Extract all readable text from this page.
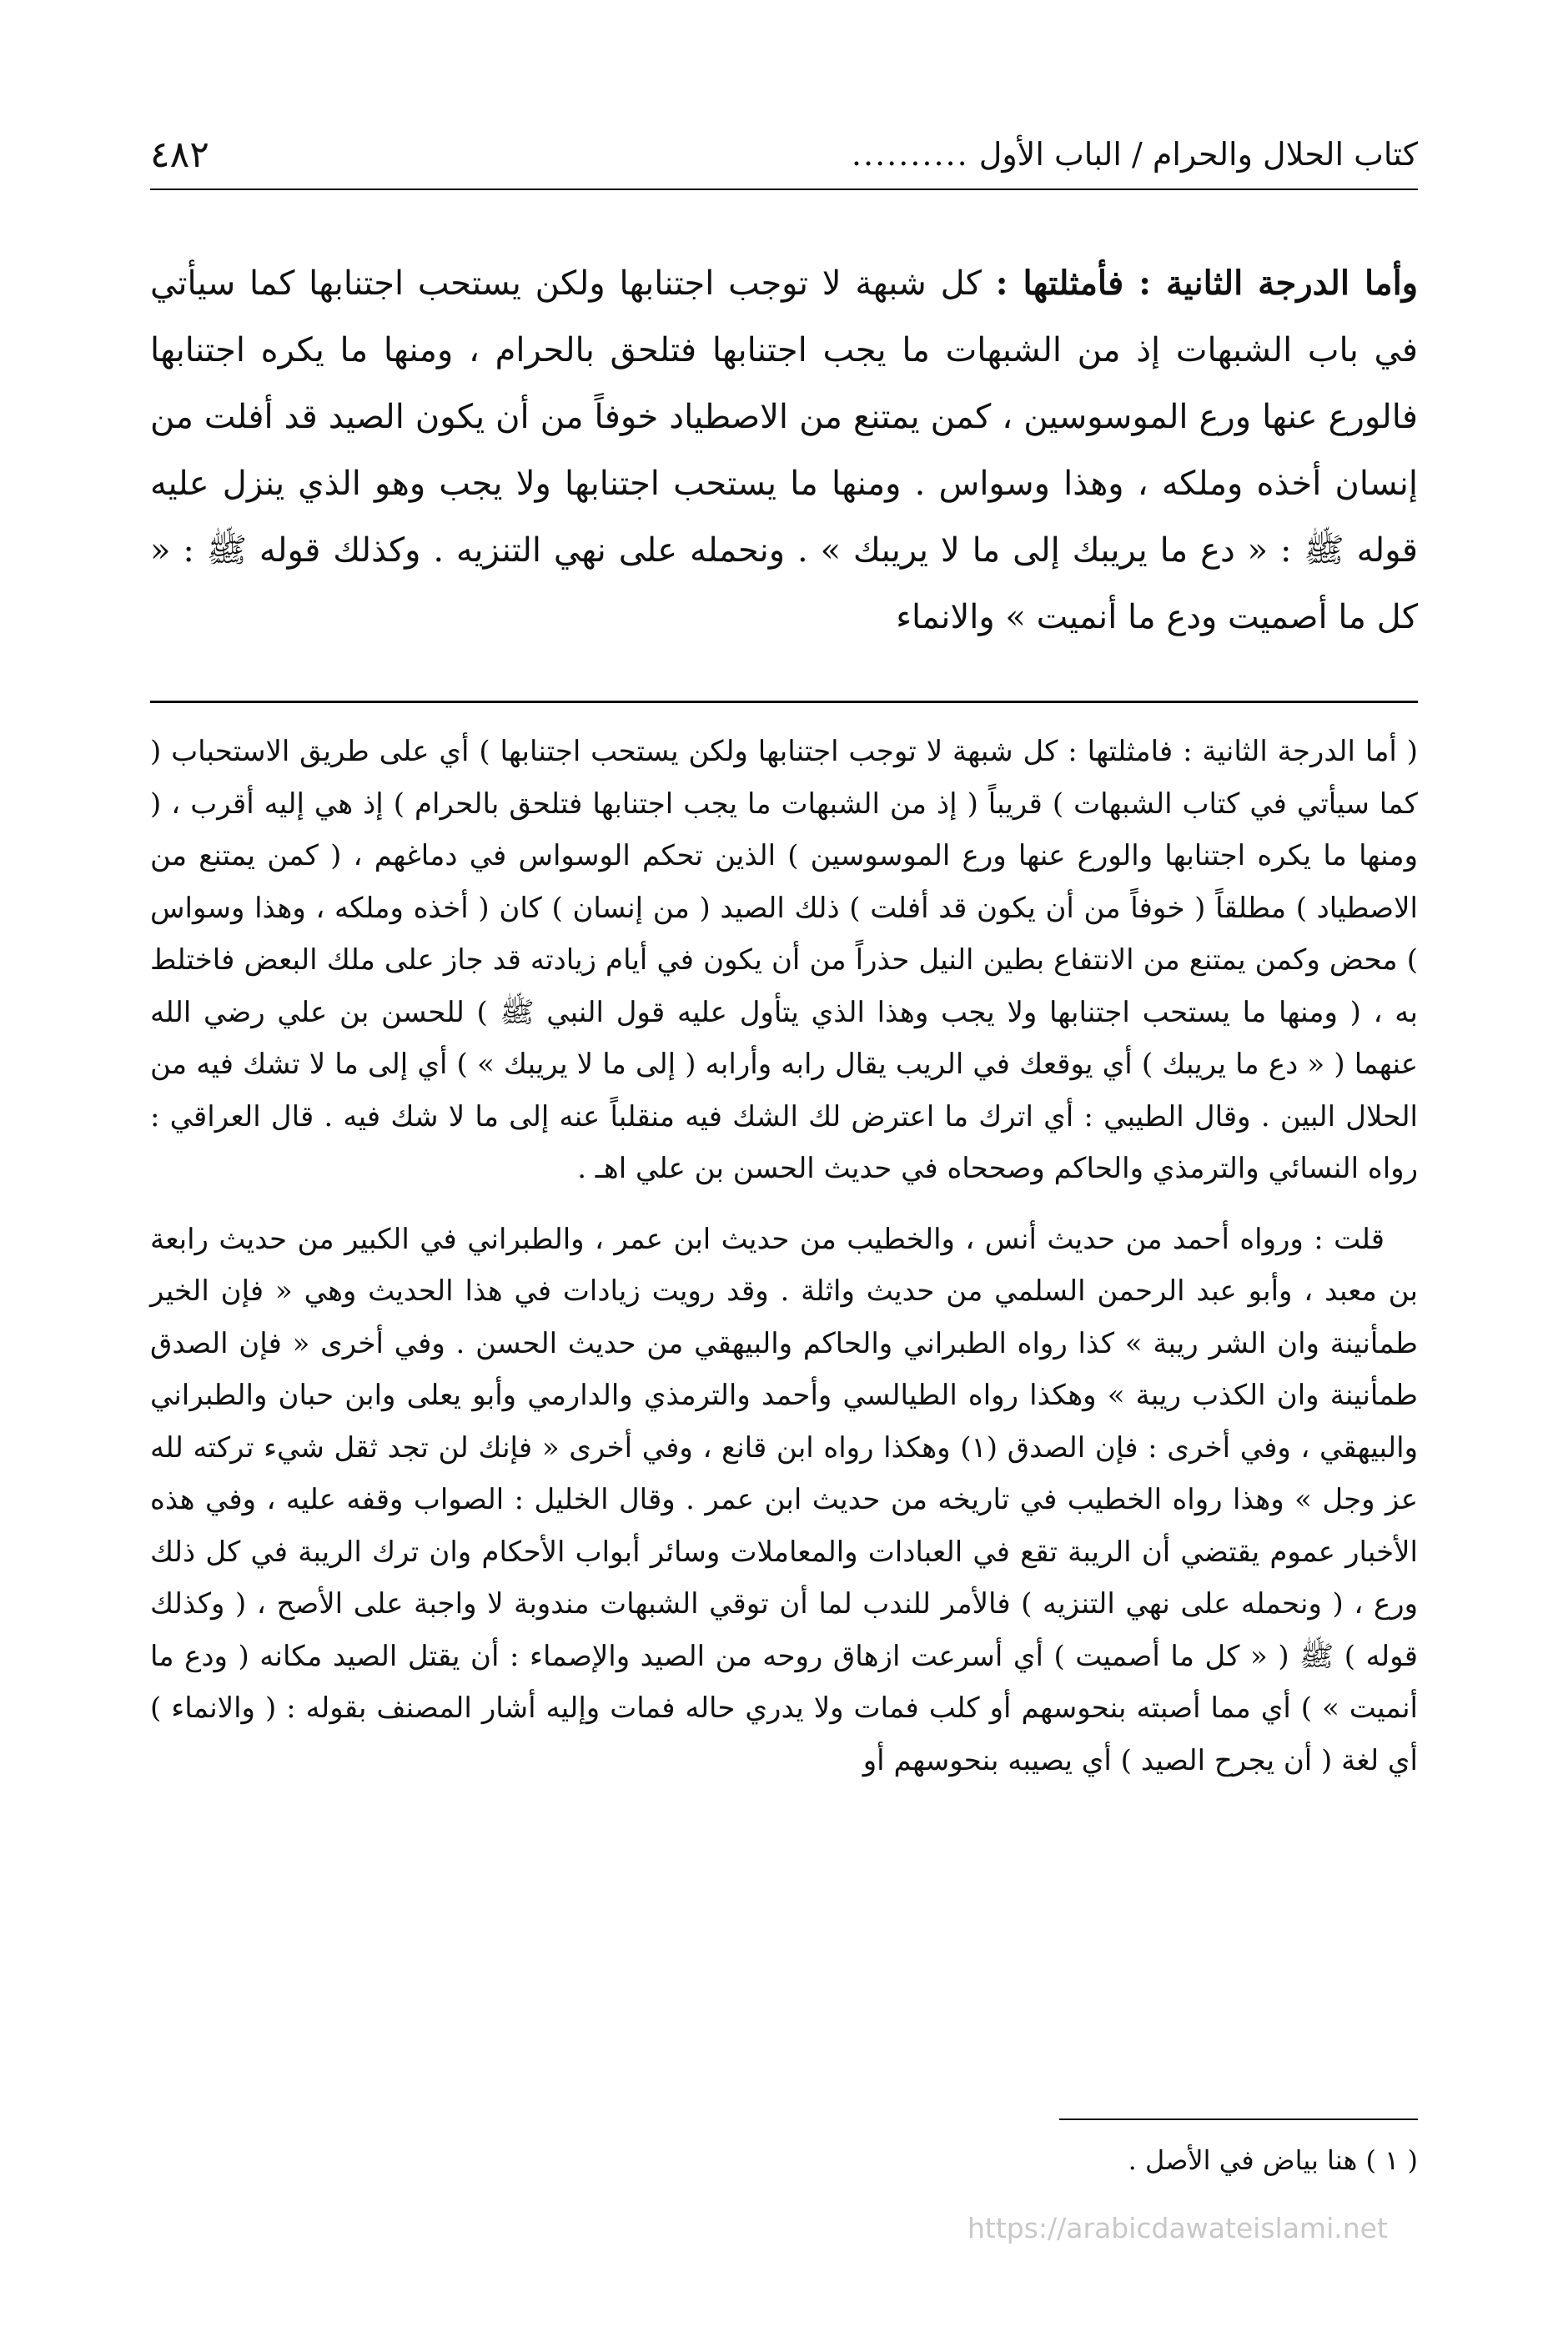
كتاب الحلال والحرام / الباب الأول
..........
٤٨٢

وأما الدرجة الثانية : فأمثلتها : كل شبهة لا توجب اجتنابها ولكن يستحب اجتنابها كما سيأتي في باب الشبهات إذ من الشبهات ما يجب اجتنابها فتلحق بالحرام ، ومنها ما يكره اجتنابها فالورع عنها ورع الموسوسين ، كمن يمتنع من الاصطياد خوفاً من أن يكون الصيد قد أفلت من إنسان أخذه وملكه ، وهذا وسواس . ومنها ما يستحب اجتنابها ولا يجب وهو الذي ينزل عليه قوله ﷺ : « دع ما يريبك إلى ما لا يريبك » . ونحمله على نهي التنزيه . وكذلك قوله ﷺ : « كل ما أصميت ودع ما أنميت » والانماء

( أما الدرجة الثانية : فامثلتها : كل شبهة لا توجب اجتنابها ولكن يستحب اجتنابها ) أي على طريق الاستحباب ( كما سيأتي في كتاب الشبهات ) قريباً ( إذ من الشبهات ما يجب اجتنابها فتلحق بالحرام ) إذ هي إليه أقرب ، ( ومنها ما يكره اجتنابها والورع عنها ورع الموسوسين ) الذين تحكم الوسواس في دماغهم ، ( كمن يمتنع من الاصطياد ) مطلقاً ( خوفاً من أن يكون قد أفلت ) ذلك الصيد ( من إنسان ) كان ( أخذه وملكه ، وهذا وسواس ) محض وكمن يمتنع من الانتفاع بطين النيل حذراً من أن يكون في أيام زيادته قد جاز على ملك البعض فاختلط به ، ( ومنها ما يستحب اجتنابها ولا يجب وهذا الذي يتأول عليه قول النبي ﷺ ) للحسن بن علي رضي الله عنهما ( « دع ما يريبك ) أي يوقعك في الريب يقال رابه وأرابه ( إلى ما لا يريبك » ) أي إلى ما لا تشك فيه من الحلال البين . وقال الطيبي : أي اترك ما اعترض لك الشك فيه منقلباً عنه إلى ما لا شك فيه . قال العراقي : رواه النسائي والترمذي والحاكم وصححاه في حديث الحسن بن علي اهـ .

قلت : ورواه أحمد من حديث أنس ، والخطيب من حديث ابن عمر ، والطبراني في الكبير من حديث رابعة بن معبد ، وأبو عبد الرحمن السلمي من حديث واثلة . وقد رويت زيادات في هذا الحديث وهي « فإن الخير طمأنينة وان الشر ريبة » كذا رواه الطبراني والحاكم والبيهقي من حديث الحسن . وفي أخرى « فإن الصدق طمأنينة وان الكذب ريبة » وهكذا رواه الطيالسي وأحمد والترمذي والدارمي وأبو يعلى وابن حبان والطبراني والبيهقي ، وفي أخرى : فإن الصدق (١) وهكذا رواه ابن قانع ، وفي أخرى « فإنك لن تجد ثقل شيء تركته لله عز وجل » وهذا رواه الخطيب في تاريخه من حديث ابن عمر . وقال الخليل : الصواب وقفه عليه ، وفي هذه الأخبار عموم يقتضي أن الريبة تقع في العبادات والمعاملات وسائر أبواب الأحكام وان ترك الريبة في كل ذلك ورع ، ( ونحمله على نهي التنزيه ) فالأمر للندب لما أن توقي الشبهات مندوبة لا واجبة على الأصح ، ( وكذلك قوله ) ﷺ ( « كل ما أصميت ) أي أسرعت ازهاق روحه من الصيد والإصماء : أن يقتل الصيد مكانه ( ودع ما أنميت » ) أي مما أصبته بنحوسهم أو كلب فمات ولا يدري حاله فمات وإليه أشار المصنف بقوله : ( والانماء ) أي لغة ( أن يجرح الصيد ) أي يصيبه بنحوسهم أو

( ١ ) هنا بياض في الأصل .
https://arabicdawateislami.net
